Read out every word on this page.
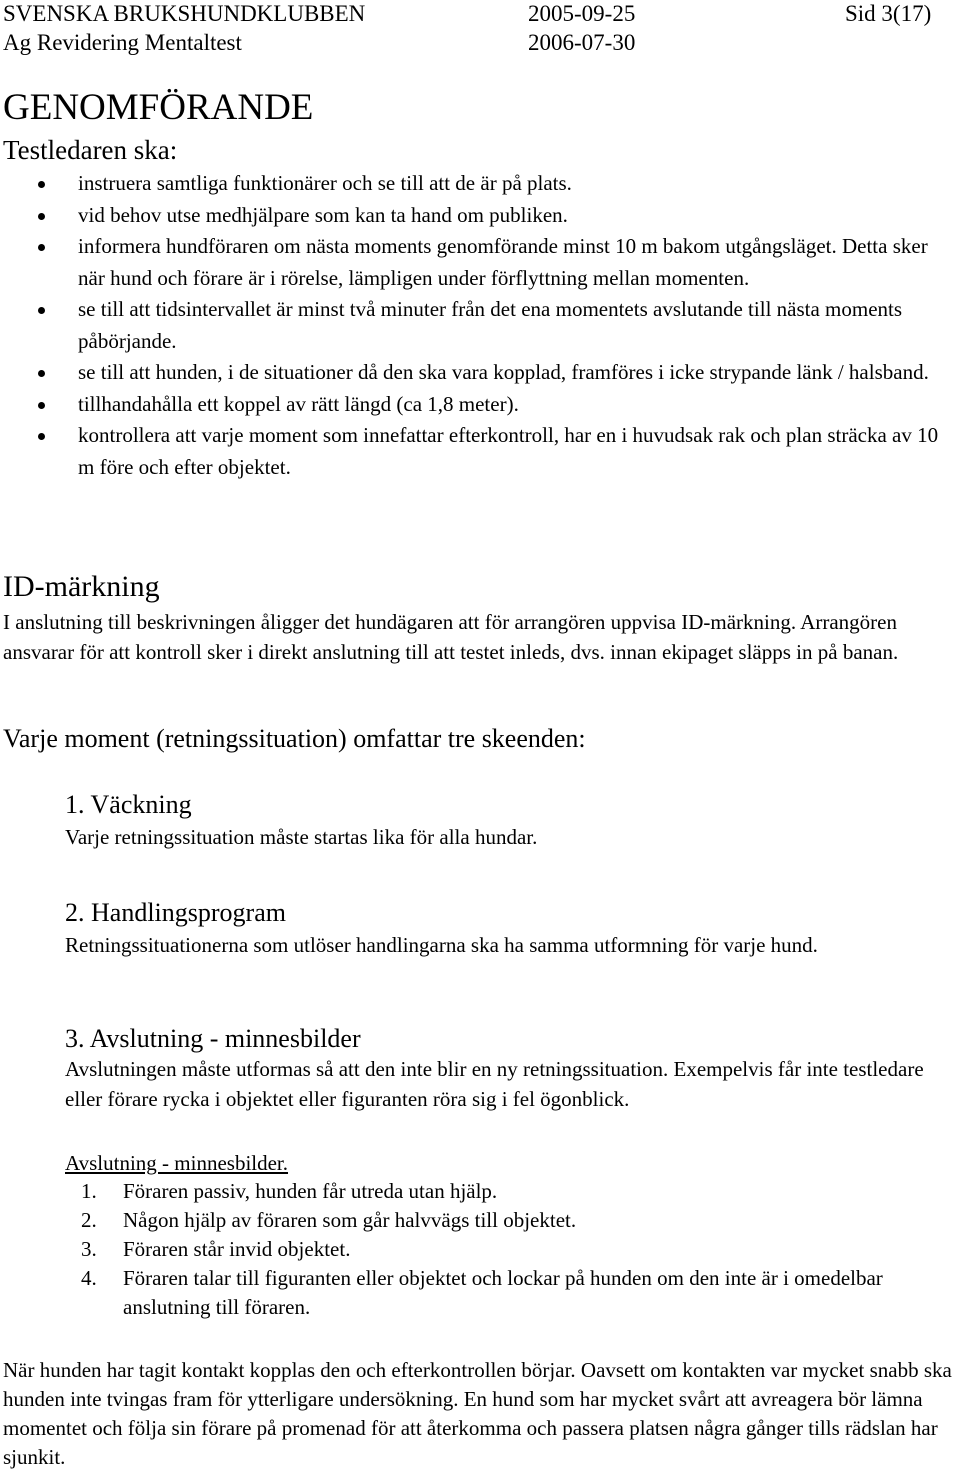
SVENSKA BRUKSHUNDKLUBBEN	2005-09-25	Sid 3(17)
Ag Revidering Mentaltest	2006-07-30
GENOMFÖRANDE
Testledaren ska:
instruera samtliga funktionärer och se till att de är på plats.
vid behov utse medhjälpare som kan ta hand om publiken.
informera hundföraren om nästa moments genomförande minst 10 m bakom utgångsläget. Detta sker när hund och förare är i rörelse, lämpligen under förflyttning mellan momenten.
se till att tidsintervallet är minst två minuter från det ena momentets avslutande till nästa moments påbörjande.
se till att hunden, i de situationer då den ska vara kopplad, framföres i icke strypande länk / halsband.
tillhandahålla ett koppel av rätt längd (ca 1,8 meter).
kontrollera att varje moment som innefattar efterkontroll, har en i huvudsak rak och plan sträcka av 10 m före och efter objektet.
ID-märkning
I anslutning till beskrivningen åligger det hundägaren att för arrangören uppvisa ID-märkning. Arrangören ansvarar för att kontroll sker i direkt anslutning till att testet inleds, dvs. innan ekipaget släpps in på banan.
Varje moment (retningssituation) omfattar tre skeenden:
1. Väckning
Varje retningssituation måste startas lika för alla hundar.
2. Handlingsprogram
Retningssituationerna som utlöser handlingarna ska ha samma utformning för varje hund.
3. Avslutning - minnesbilder
Avslutningen måste utformas så att den inte blir en ny retningssituation. Exempelvis får inte testledare eller förare rycka i objektet eller figuranten röra sig i fel ögonblick.
Avslutning - minnesbilder.
1. Föraren passiv, hunden får utreda utan hjälp.
2. Någon hjälp av föraren som går halvvägs till objektet.
3. Föraren står invid objektet.
4. Föraren talar till figuranten eller objektet och lockar på hunden om den inte är i omedelbar anslutning till föraren.
När hunden har tagit kontakt kopplas den och efterkontrollen börjar. Oavsett om kontakten var mycket snabb ska hunden inte tvingas fram för ytterligare undersökning. En hund som har mycket svårt att avreagera bör lämna momentet och följa sin förare på promenad för att återkomma och passera platsen några gånger tills rädslan har sjunkit.
